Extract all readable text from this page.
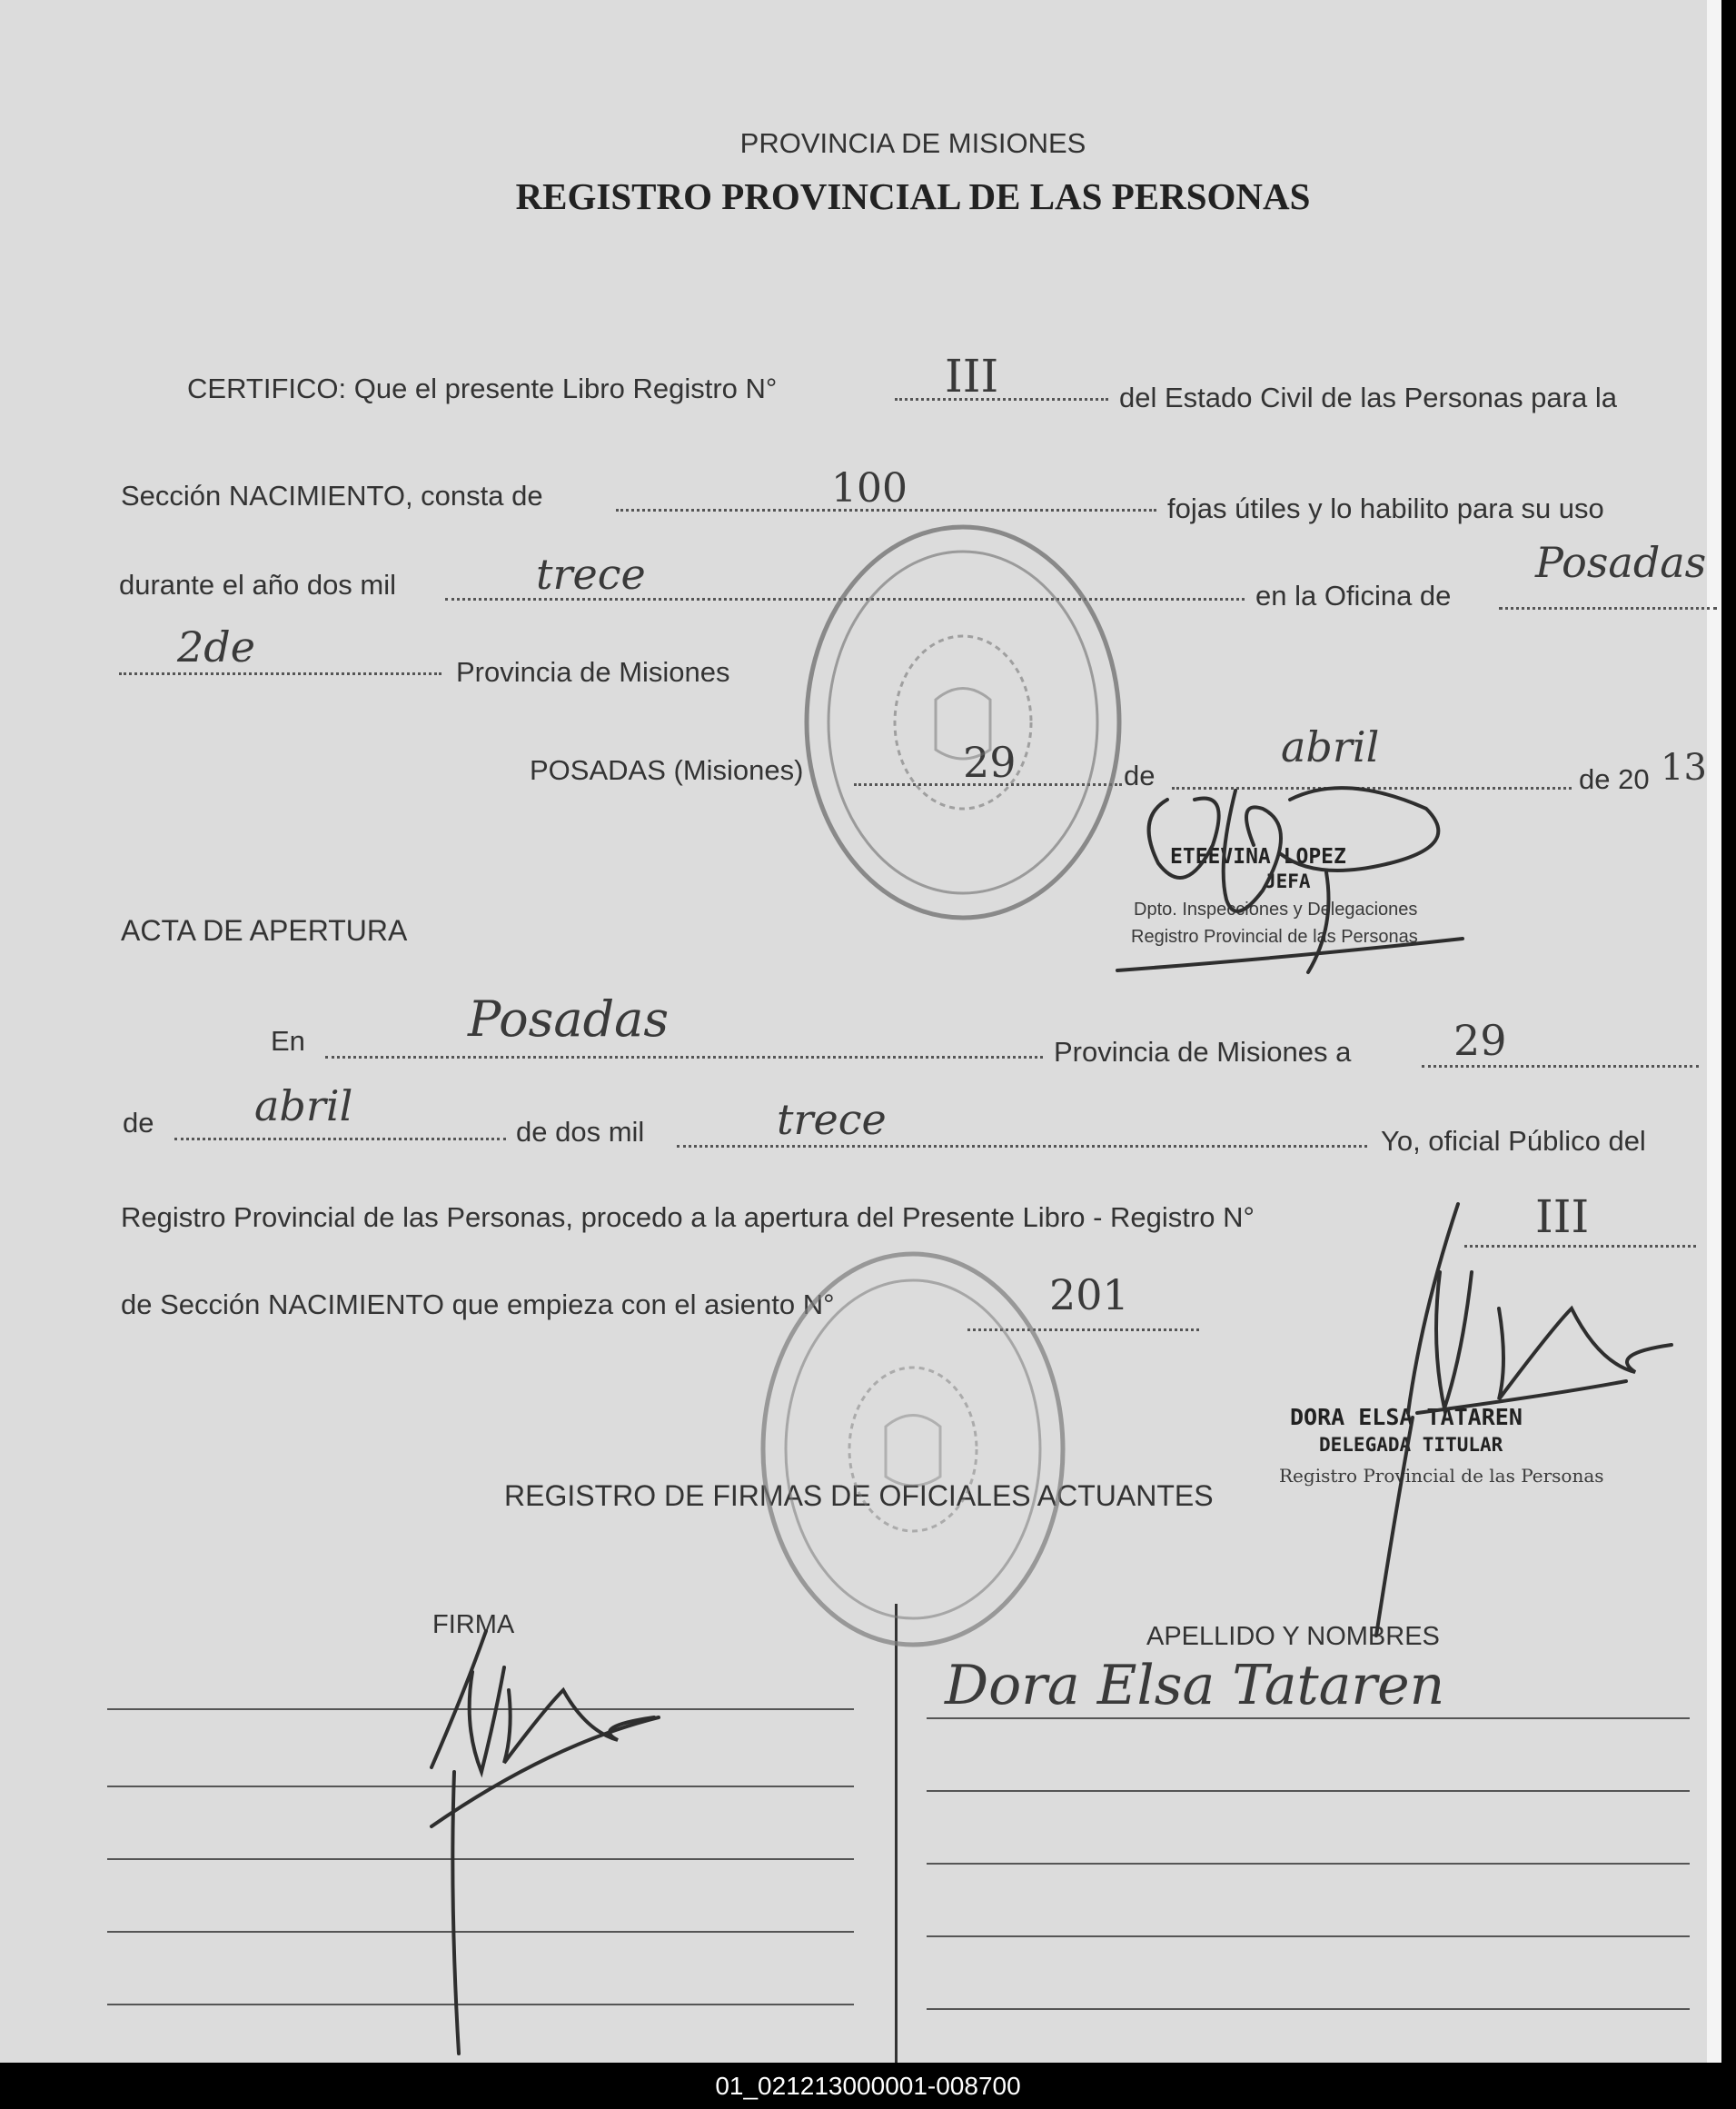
PROVINCIA DE MISIONES
REGISTRO PROVINCIAL DE LAS PERSONAS
CERTIFICO: Que el presente Libro Registro N°	III	del Estado Civil de las Personas para la
Sección NACIMIENTO, consta de	100	fojas útiles y lo habilito para su uso
durante el año dos mil	trece	en la Oficina de
Posadas
2de
Provincia de Misiones
POSADAS (Misiones)	29	de
abril
de 20 13
ETEEVINA LOPEZ
JEFA
Dpto. Inspecciones y Delegaciones
Registro Provincial de las Personas
ACTA DE APERTURA
En	Posadas
Provincia de Misiones a 29
de abril
de dos mil	trece	Yo, oficial Público del
Registro Provincial de las Personas, procedo a la apertura del Presente Libro - Registro N°	III
de Sección NACIMIENTO que empieza con el asiento N°	201
DORA ELSA TATAREN
DELEGADA TITULAR
Registro Provincial de las Personas
REGISTRO DE FIRMAS DE OFICIALES ACTUANTES
FIRMA	APELLIDO Y NOMBRES
Dora Elsa Tataren
01_021213000001-008700
